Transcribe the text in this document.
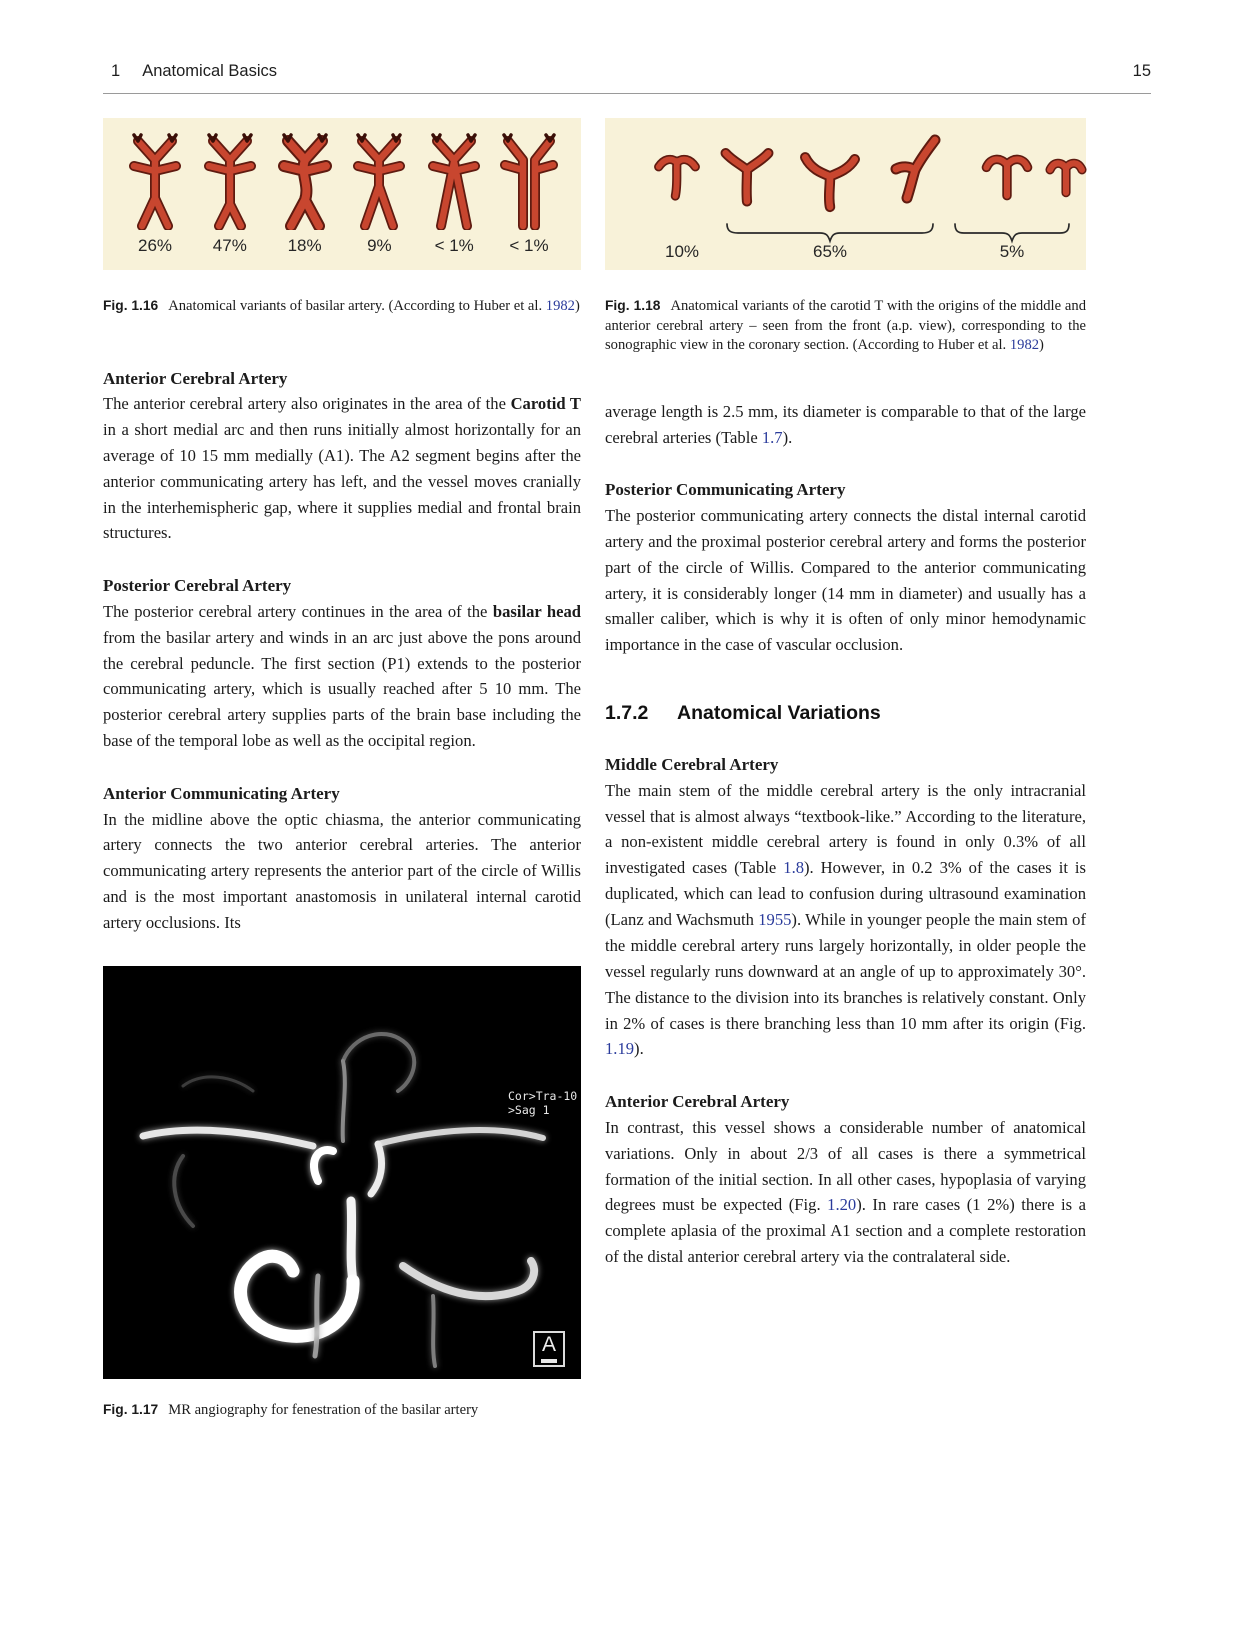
1 Anatomical Basics	15
26% 47% 18%	9%	< 1% < 1%

Fig. 1.16 Anatomical variants of basilar artery. (According to Huber et al. 1982)

Anterior Cerebral Artery

The anterior cerebral artery also originates in the area of the Carotid T in a short medial arc and then runs initially almost horizontally for an average of 10 15 mm medially (A1). The A2 segment begins after the anterior communicating artery has left, and the vessel moves cranially in the interhemispheric gap, where it supplies medial and frontal brain structures.

Posterior Cerebral Artery

The posterior cerebral artery continues in the area of the basilar head from the basilar artery and winds in an arc just above the pons around the cerebral peduncle. The first section (P1) extends to the posterior communicating artery, which is usually reached after 5 10 mm. The posterior cerebral artery supplies parts of the brain base including the base of the temporal lobe as well as the occipital region.

Anterior Communicating Artery

In the midline above the optic chiasma, the anterior communicating artery connects the two anterior cerebral arteries. The anterior communicating artery represents the anterior part of the circle of Willis and is the most important anastomosis in unilateral internal carotid artery occlusions. Its

Cor>Tra-10
>Sag 1
A

Fig. 1.17 MR angiography for fenestration of the basilar artery

10%	65%	5%

Fig. 1.18 Anatomical variants of the carotid T with the origins of the middle and anterior cerebral artery – seen from the front (a.p. view), corresponding to the sonographic view in the coronary section. (According to Huber et al. 1982)

average length is 2.5 mm, its diameter is comparable to that of the large cerebral arteries (Table 1.7).

Posterior Communicating Artery

The posterior communicating artery connects the distal internal carotid artery and the proximal posterior cerebral artery and forms the posterior part of the circle of Willis. Compared to the anterior communicating artery, it is considerably longer (14 mm in diameter) and usually has a smaller caliber, which is why it is often of only minor hemodynamic importance in the case of vascular occlusion.

1.7.2	Anatomical Variations
Middle Cerebral Artery

The main stem of the middle cerebral artery is the only intracranial vessel that is almost always “textbook-like.” According to the literature, a non-existent middle cerebral artery is found in only 0.3% of all investigated cases (Table 1.8). However, in 0.2 3% of the cases it is duplicated, which can lead to confusion during ultrasound examination (Lanz and Wachsmuth 1955). While in younger people the main stem of the middle cerebral artery runs largely horizontally, in older people the vessel regularly runs downward at an angle of up to approximately 30°. The distance to the division into its branches is relatively constant. Only in 2% of cases is there branching less than 10 mm after its origin (Fig. 1.19).

Anterior Cerebral Artery

In contrast, this vessel shows a considerable number of anatomical variations. Only in about 2/3 of all cases is there a symmetrical formation of the initial section. In all other cases, hypoplasia of varying degrees must be expected (Fig. 1.20). In rare cases (1 2%) there is a complete aplasia of the proximal A1 section and a complete restoration of the distal anterior cerebral artery via the contralateral side.
